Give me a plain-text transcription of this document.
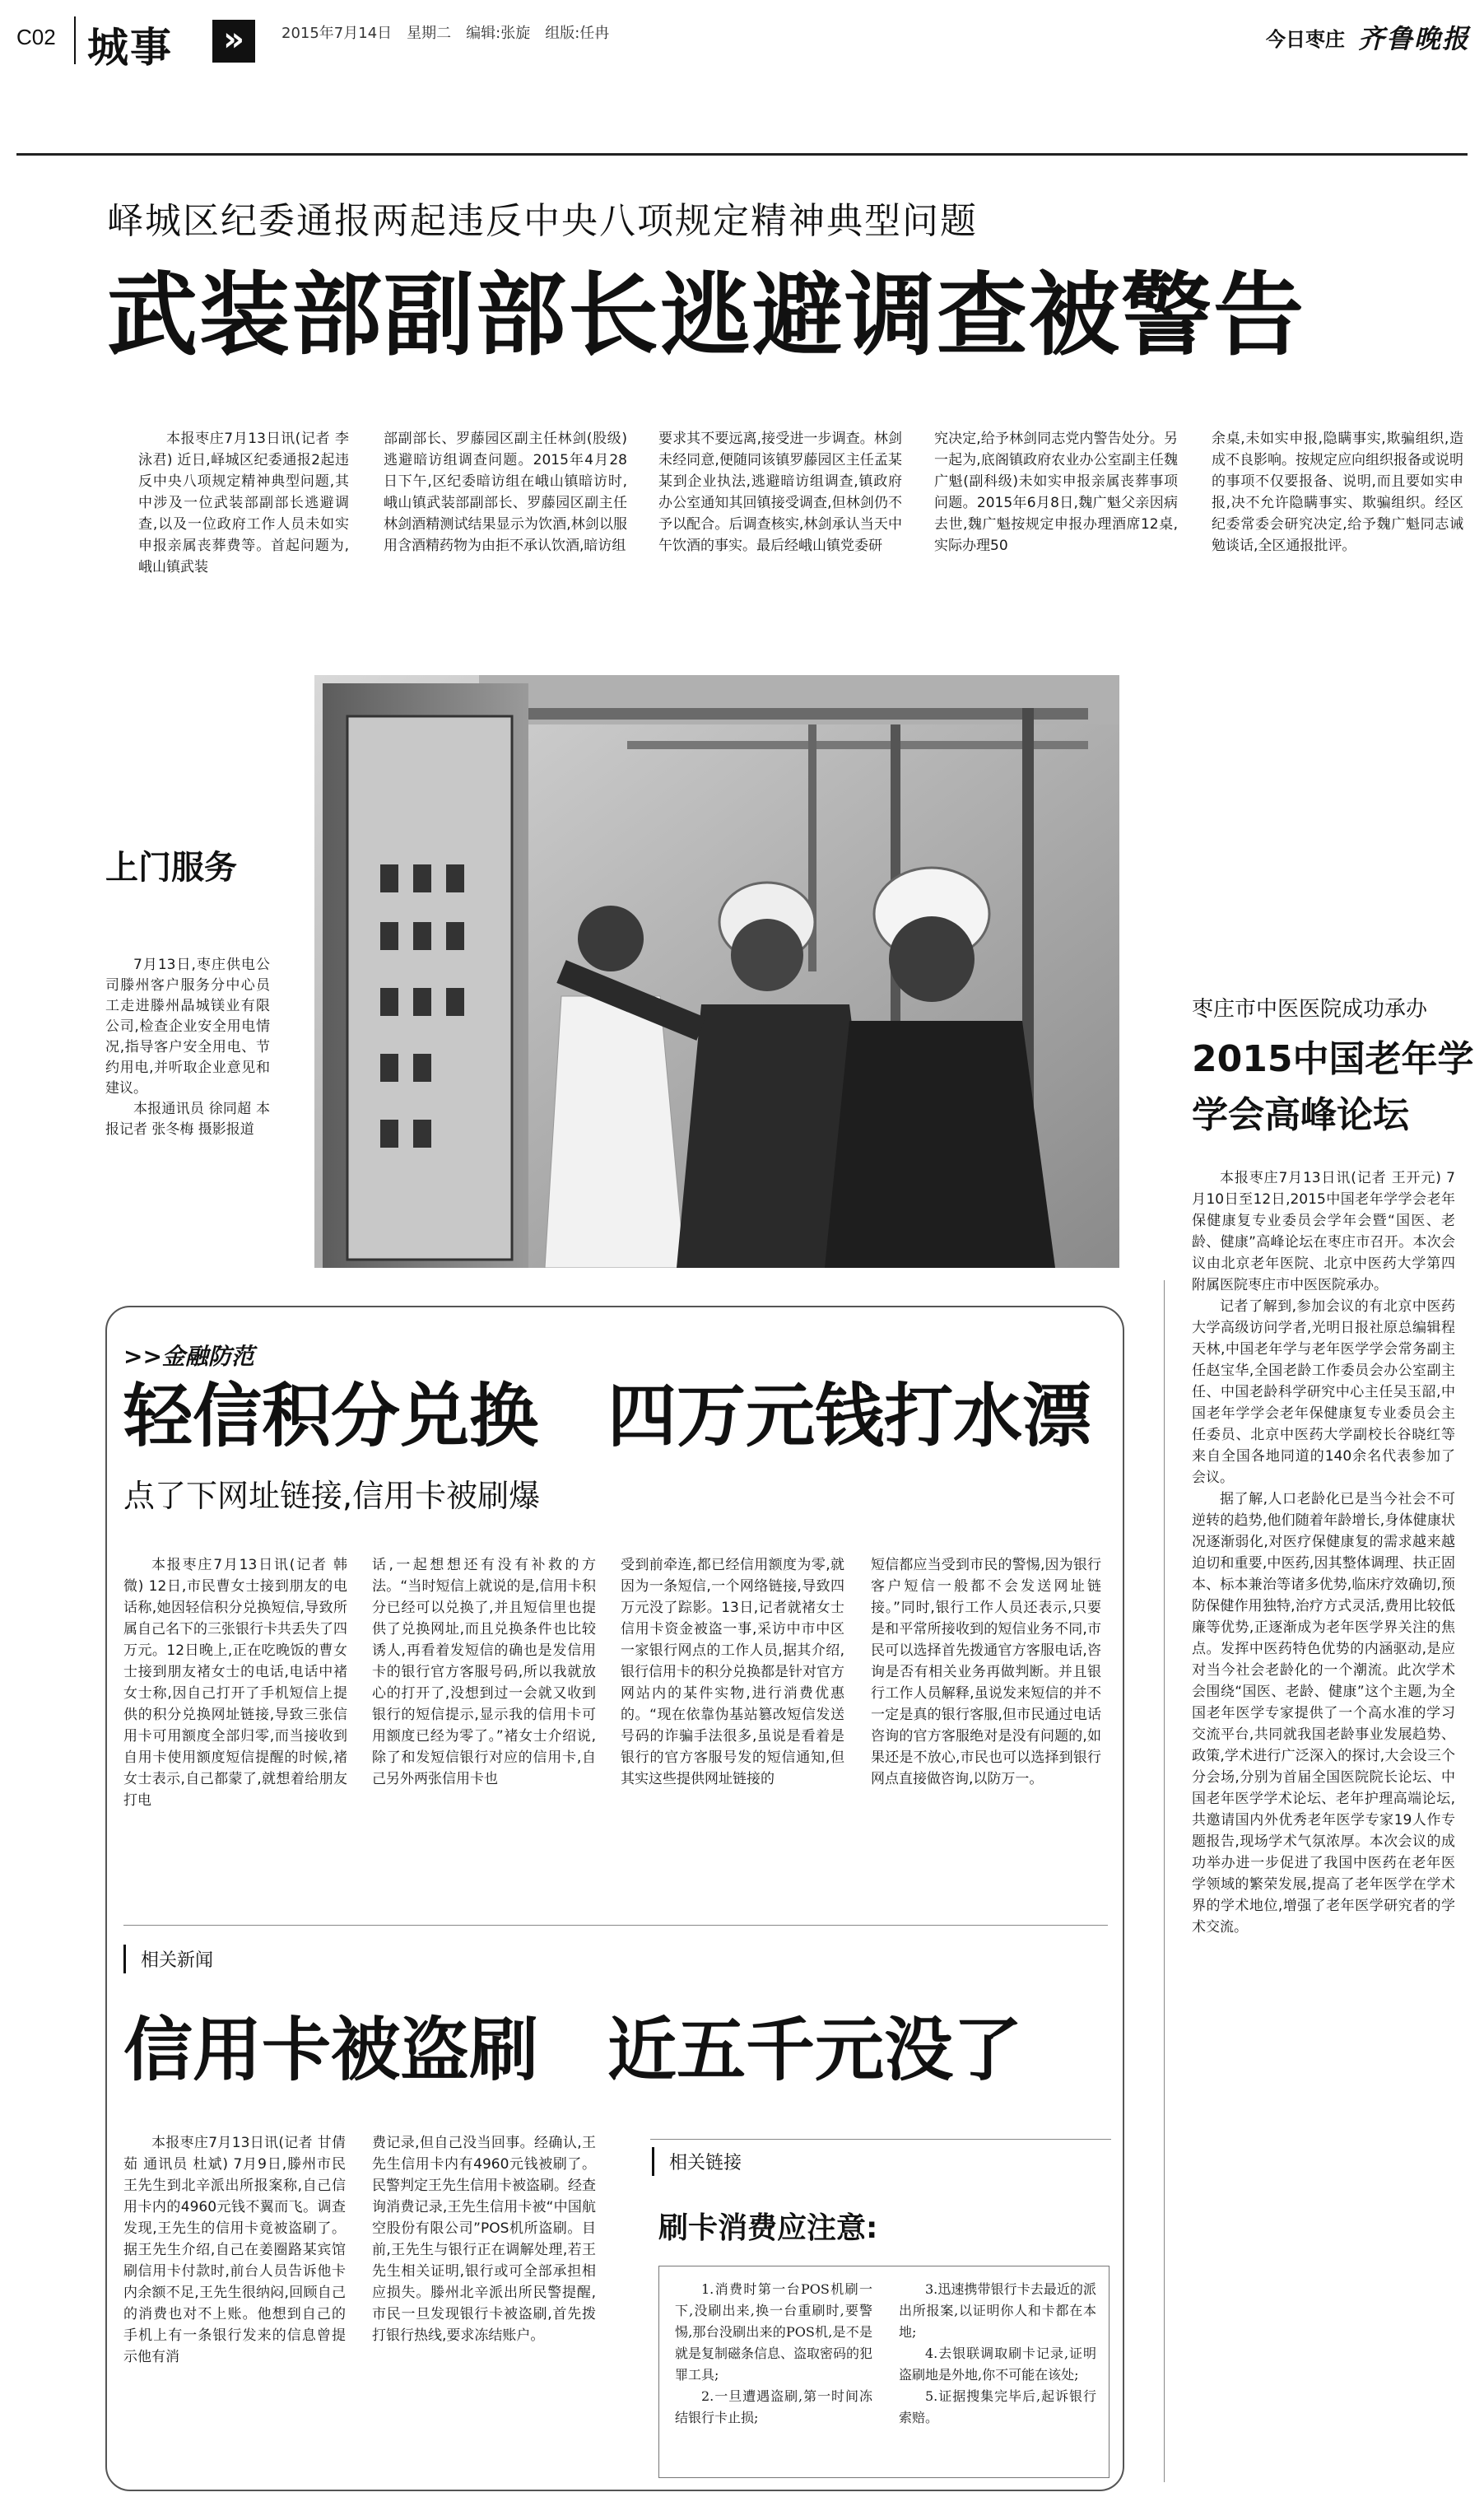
C02 城事	»	2015年7月14日　星期二　编辑:张旋　组版:任冉	今日枣庄 齐鲁晚报
峄城区纪委通报两起违反中央八项规定精神典型问题
武装部副部长逃避调查被警告

本报枣庄7月13日讯(记者 李泳君) 近日,峄城区纪委通报2起违反中央八项规定精神典型问题,其中涉及一位武装部副部长逃避调查,以及一位政府工作人员未如实申报亲属丧葬费等。首起问题为,峨山镇武装

部副部长、罗藤园区副主任林剑(股级)逃避暗访组调查问题。2015年4月28日下午,区纪委暗访组在峨山镇暗访时,峨山镇武装部副部长、罗藤园区副主任林剑酒精测试结果显示为饮酒,林剑以服用含酒精药物为由拒不承认饮酒,暗访组

要求其不要远离,接受进一步调查。林剑未经同意,便随同该镇罗藤园区主任孟某某到企业执法,逃避暗访组调查,镇政府办公室通知其回镇接受调查,但林剑仍不予以配合。后调查核实,林剑承认当天中午饮酒的事实。最后经峨山镇党委研

究决定,给予林剑同志党内警告处分。另一起为,底阁镇政府农业办公室副主任魏广魁(副科级)未如实申报亲属丧葬事项问题。2015年6月8日,魏广魁父亲因病去世,魏广魁按规定申报办理酒席12桌,实际办理50

余桌,未如实申报,隐瞒事实,欺骗组织,造成不良影响。按规定应向组织报备或说明的事项不仅要报备、说明,而且要如实申报,决不允许隐瞒事实、欺骗组织。经区纪委常委会研究决定,给予魏广魁同志诫勉谈话,全区通报批评。

上门服务

7月13日,枣庄供电公司滕州客户服务分中心员工走进滕州晶城镁业有限公司,检查企业安全用电情况,指导客户安全用电、节约用电,并听取企业意见和建议。

本报通讯员 徐同超 本报记者 张冬梅 摄影报道

枣庄市中医医院成功承办
2015中国老年学
学会高峰论坛

本报枣庄7月13日讯(记者 王开元) 7月10日至12日,2015中国老年学学会老年保健康复专业委员会学年会暨“国医、老龄、健康”高峰论坛在枣庄市召开。本次会议由北京老年医院、北京中医药大学第四附属医院枣庄市中医医院承办。

记者了解到,参加会议的有北京中医药大学高级访问学者,光明日报社原总编辑程天林,中国老年学与老年医学学会常务副主任赵宝华,全国老龄工作委员会办公室副主任、中国老龄科学研究中心主任吴玉韶,中国老年学学会老年保健康复专业委员会主任委员、北京中医药大学副校长谷晓红等来自全国各地同道的140余名代表参加了会议。

据了解,人口老龄化已是当今社会不可逆转的趋势,他们随着年龄增长,身体健康状况逐渐弱化,对医疗保健康复的需求越来越迫切和重要,中医药,因其整体调理、扶正固本、标本兼治等诸多优势,临床疗效确切,预防保健作用独特,治疗方式灵活,费用比较低廉等优势,正逐渐成为老年医学界关注的焦点。发挥中医药特色优势的内涵驱动,是应对当今社会老龄化的一个潮流。此次学术会围绕“国医、老龄、健康”这个主题,为全国老年医学专家提供了一个高水准的学习交流平台,共同就我国老龄事业发展趋势、政策,学术进行广泛深入的探讨,大会设三个分会场,分别为首届全国医院院长论坛、中国老年医学学术论坛、老年护理高端论坛,共邀请国内外优秀老年医学专家19人作专题报告,现场学术气氛浓厚。本次会议的成功举办进一步促进了我国中医药在老年医学领域的繁荣发展,提高了老年医学在学术界的学术地位,增强了老年医学研究者的学术交流。

>>金融防范
轻信积分兑换　四万元钱打水漂
点了下网址链接,信用卡被刷爆

本报枣庄7月13日讯(记者 韩微) 12日,市民曹女士接到朋友的电话称,她因轻信积分兑换短信,导致所属自己名下的三张银行卡共丢失了四万元。12日晚上,正在吃晚饭的曹女士接到朋友褚女士的电话,电话中褚女士称,因自己打开了手机短信上提供的积分兑换网址链接,导致三张信用卡可用额度全部归零,而当接收到自用卡使用额度短信提醒的时候,褚女士表示,自己都蒙了,就想着给朋友打电

话,一起想想还有没有补救的方法。“当时短信上就说的是,信用卡积分已经可以兑换了,并且短信里也提供了兑换网址,而且兑换条件也比较诱人,再看着发短信的确也是发信用卡的银行官方客服号码,所以我就放心的打开了,没想到过一会就又收到银行的短信提示,显示我的信用卡可用额度已经为零了。”褚女士介绍说,除了和发短信银行对应的信用卡,自己另外两张信用卡也

受到前牵连,都已经信用额度为零,就因为一条短信,一个网络链接,导致四万元没了踪影。13日,记者就褚女士信用卡资金被盗一事,采访中市中区一家银行网点的工作人员,据其介绍,银行信用卡的积分兑换都是针对官方网站内的某件实物,进行消费优惠的。“现在依靠伪基站篡改短信发送号码的诈骗手法很多,虽说是看着是银行的官方客服号发的短信通知,但其实这些提供网址链接的

短信都应当受到市民的警惕,因为银行客户短信一般都不会发送网址链接。”同时,银行工作人员还表示,只要是和平常所接收到的短信业务不同,市民可以选择首先拨通官方客服电话,咨询是否有相关业务再做判断。并且银行工作人员解释,虽说发来短信的并不一定是真的银行客服,但市民通过电话咨询的官方客服绝对是没有问题的,如果还是不放心,市民也可以选择到银行网点直接做咨询,以防万一。

相关新闻
信用卡被盗刷　近五千元没了

本报枣庄7月13日讯(记者 甘倩茹 通讯员 杜斌) 7月9日,滕州市民王先生到北辛派出所报案称,自己信用卡内的4960元钱不翼而飞。调查发现,王先生的信用卡竟被盗刷了。据王先生介绍,自己在姜圈路某宾馆刷信用卡付款时,前台人员告诉他卡内余额不足,王先生很纳闷,回顾自己的消费也对不上账。他想到自己的手机上有一条银行发来的信息曾提示他有消

费记录,但自己没当回事。经确认,王先生信用卡内有4960元钱被刷了。民警判定王先生信用卡被盗刷。经查询消费记录,王先生信用卡被“中国航空股份有限公司”POS机所盗刷。目前,王先生与银行正在调解处理,若王先生相关证明,银行或可全部承担相应损失。滕州北辛派出所民警提醒,市民一旦发现银行卡被盗刷,首先拨打银行热线,要求冻结账户。

相关链接
刷卡消费应注意:

1.消费时第一台POS机刷一下,没刷出来,换一台重刷时,要警惕,那台没刷出来的POS机,是不是就是复制磁条信息、盗取密码的犯罪工具;

2.一旦遭遇盗刷,第一时间冻结银行卡止损;

3.迅速携带银行卡去最近的派出所报案,以证明你人和卡都在本地;

4.去银联调取刷卡记录,证明盗刷地是外地,你不可能在该处;

5.证据搜集完毕后,起诉银行索赔。
